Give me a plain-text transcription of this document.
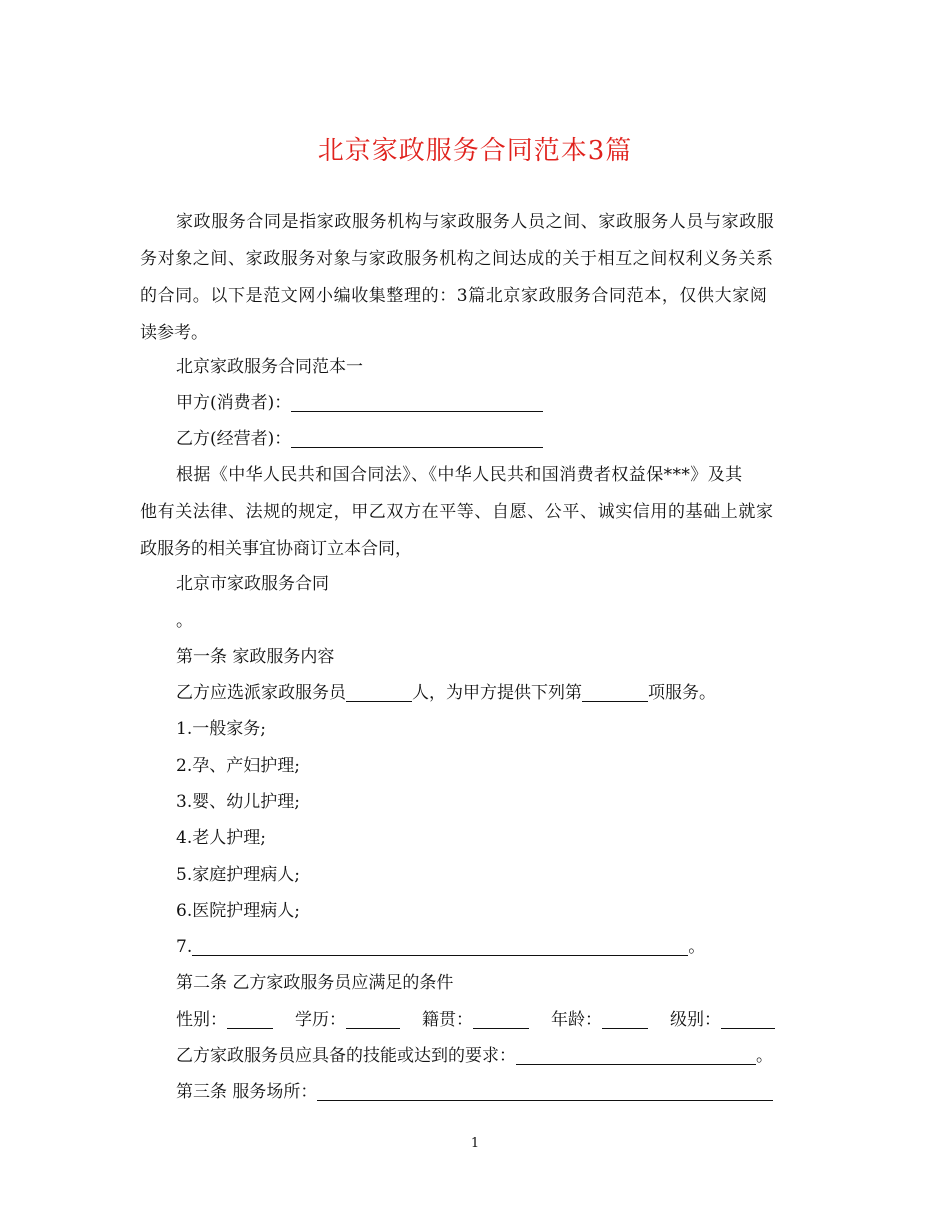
北京家政服务合同范本3篇
家政服务合同是指家政服务机构与家政服务人员之间、家政服务人员与家政服
务对象之间、家政服务对象与家政服务机构之间达成的关于相互之间权利义务关系
的合同。以下是范文网小编收集整理的：3篇北京家政服务合同范本，仅供大家阅
读参考。
北京家政服务合同范本一
甲方(消费者)：
乙方(经营者)：
根据《中华人民共和国合同法》、《中华人民共和国消费者权益保***》及其
他有关法律、法规的规定，甲乙双方在平等、自愿、公平、诚实信用的基础上就家
政服务的相关事宜协商订立本合同，
北京市家政服务合同
。
第一条 家政服务内容
乙方应选派家政服务员	人，为甲方提供下列第	项服务。
1.一般家务;
2.孕、产妇护理;
3.婴、幼儿护理;
4.老人护理;
5.家庭护理病人;
6.医院护理病人;
7.	。
第二条 乙方家政服务员应满足的条件
性别：	学历：	籍贯：	年龄：	级别：
乙方家政服务员应具备的技能或达到的要求：	。
第三条 服务场所：
1
